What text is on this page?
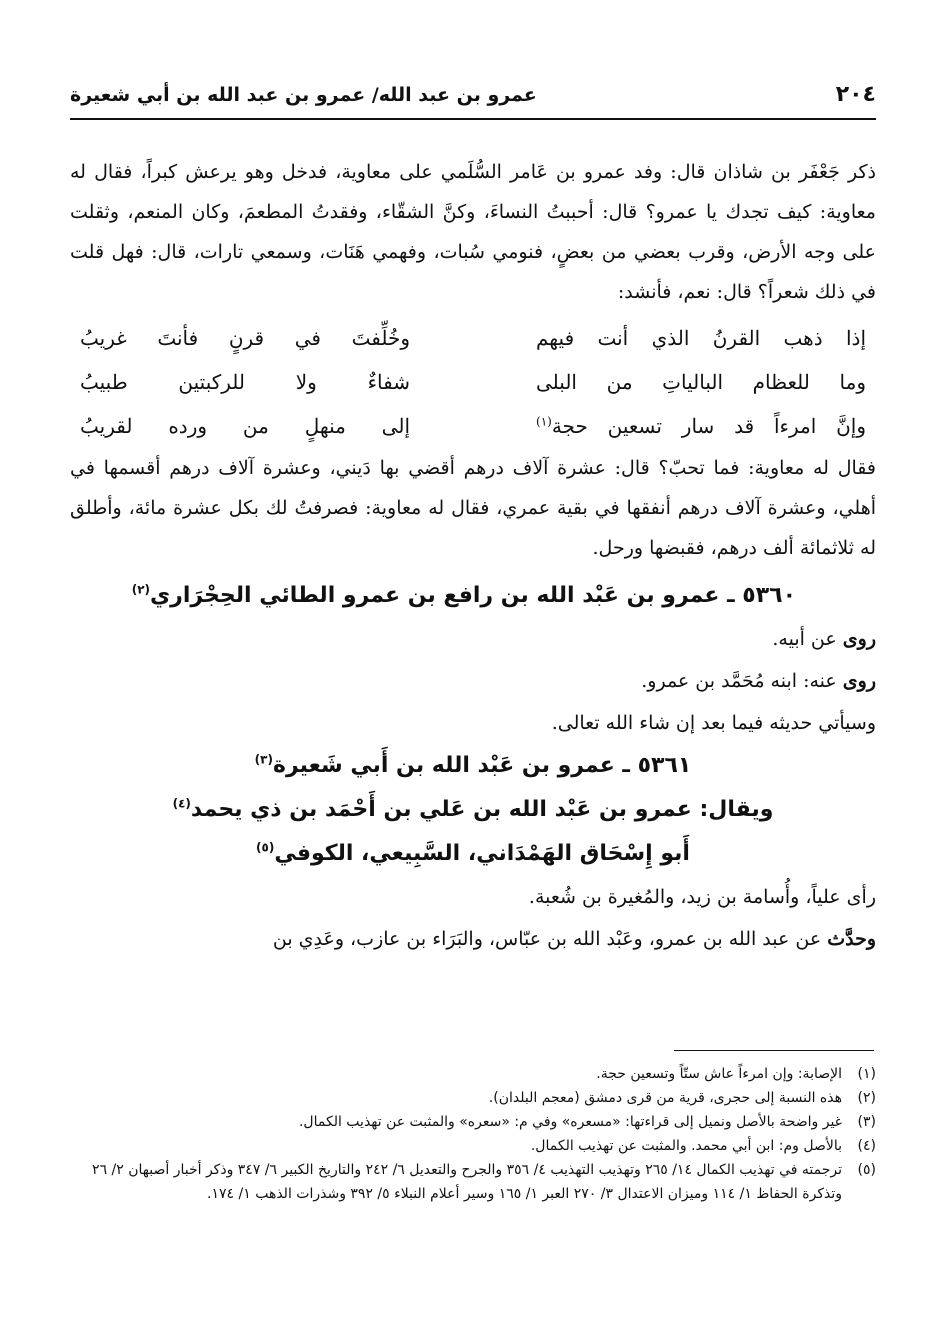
٢٠٤
عمرو بن عبد الله/ عمرو بن عبد الله بن أبي شعيرة

ذكر جَعْفَر بن شاذان قال: وفد عمرو بن عَامر السُّلَمي على معاوية، فدخل وهو يرعش كبراً، فقال له معاوية: كيف تجدك يا عمرو؟ قال: أحببتُ النساءَ، وكنَّ الشقّاء، وفقدتُ المطعمَ، وكان المنعم، وثقلت على وجه الأرض، وقرب بعضي من بعضٍ، فنومي سُبات، وفهمي هَنَات، وسمعي تارات، قال: فهل قلت في ذلك شعراً؟ قال: نعم، فأنشد:

إذا ذهب القرنُ الذي أنت فيهم
وخُلِّفتَ في قرنٍ فأنتَ غريبُ
وما للعظام البالياتِ من البلى
شفاءٌ ولا للركبتين طبيبُ
وإنَّ امرءاً قد سار تسعين حجة$^{(١)}$
إلى منهلٍ من ورده لقريبُ

فقال له معاوية: فما تحبّ؟ قال: عشرة آلاف درهم أقضي بها دَيني، وعشرة آلاف درهم أقسمها في أهلي، وعشرة آلاف درهم أنفقها في بقية عمري، فقال له معاوية: فصرفتُ لك بكل عشرة مائة، وأطلق له ثلاثمائة ألف درهم، فقبضها ورحل.

٥٣٦٠ ـ عمرو بن عَبْد الله بن رافع بن عمرو الطائي الحِجْرَاري$^{(٢)}$

روى عن أبيه.

روى عنه: ابنه مُحَمَّد بن عمرو.

وسيأتي حديثه فيما بعد إن شاء الله تعالى.

٥٣٦١ ـ عمرو بن عَبْد الله بن أَبي شَعيرة$^{(٣)}$

ويقال: عمرو بن عَبْد الله بن عَلي بن أَحْمَد بن ذي يحمد$^{(٤)}$

أَبو إِسْحَاق الهَمْدَاني، السَّبِيعي، الكوفي$^{(٥)}$

رأى علياً، وأُسامة بن زيد، والمُغيرة بن شُعبة.

وحدَّث عن عبد الله بن عمرو، وعَبْد الله بن عبّاس، والبَرَاء بن عازب، وعَدِي بن

(١)
الإصابة: وإن امرءاً عاش ستّاً وتسعين حجة.

(٢)
هذه النسبة إلى حجرى، قرية من قرى دمشق (معجم البلدان).

(٣)
غير واضحة بالأصل ونميل إلى قراءتها: «مسعره» وفي م: «سعره» والمثبت عن تهذيب الكمال.

(٤)
بالأصل وم: ابن أبي محمد. والمثبت عن تهذيب الكمال.

(٥)
ترجمته في تهذيب الكمال ١٤/ ٢٦٥ وتهذيب التهذيب ٤/ ٣٥٦ والجرح والتعديل ٦/ ٢٤٢ والتاريخ الكبير ٦/ ٣٤٧ وذكر أخبار أصبهان ٢/ ٢٦ وتذكرة الحفاظ ١/ ١١٤ وميزان الاعتدال ٣/ ٢٧٠ العبر ١/ ١٦٥ وسير أعلام النبلاء ٥/ ٣٩٢ وشذرات الذهب ١/ ١٧٤.
